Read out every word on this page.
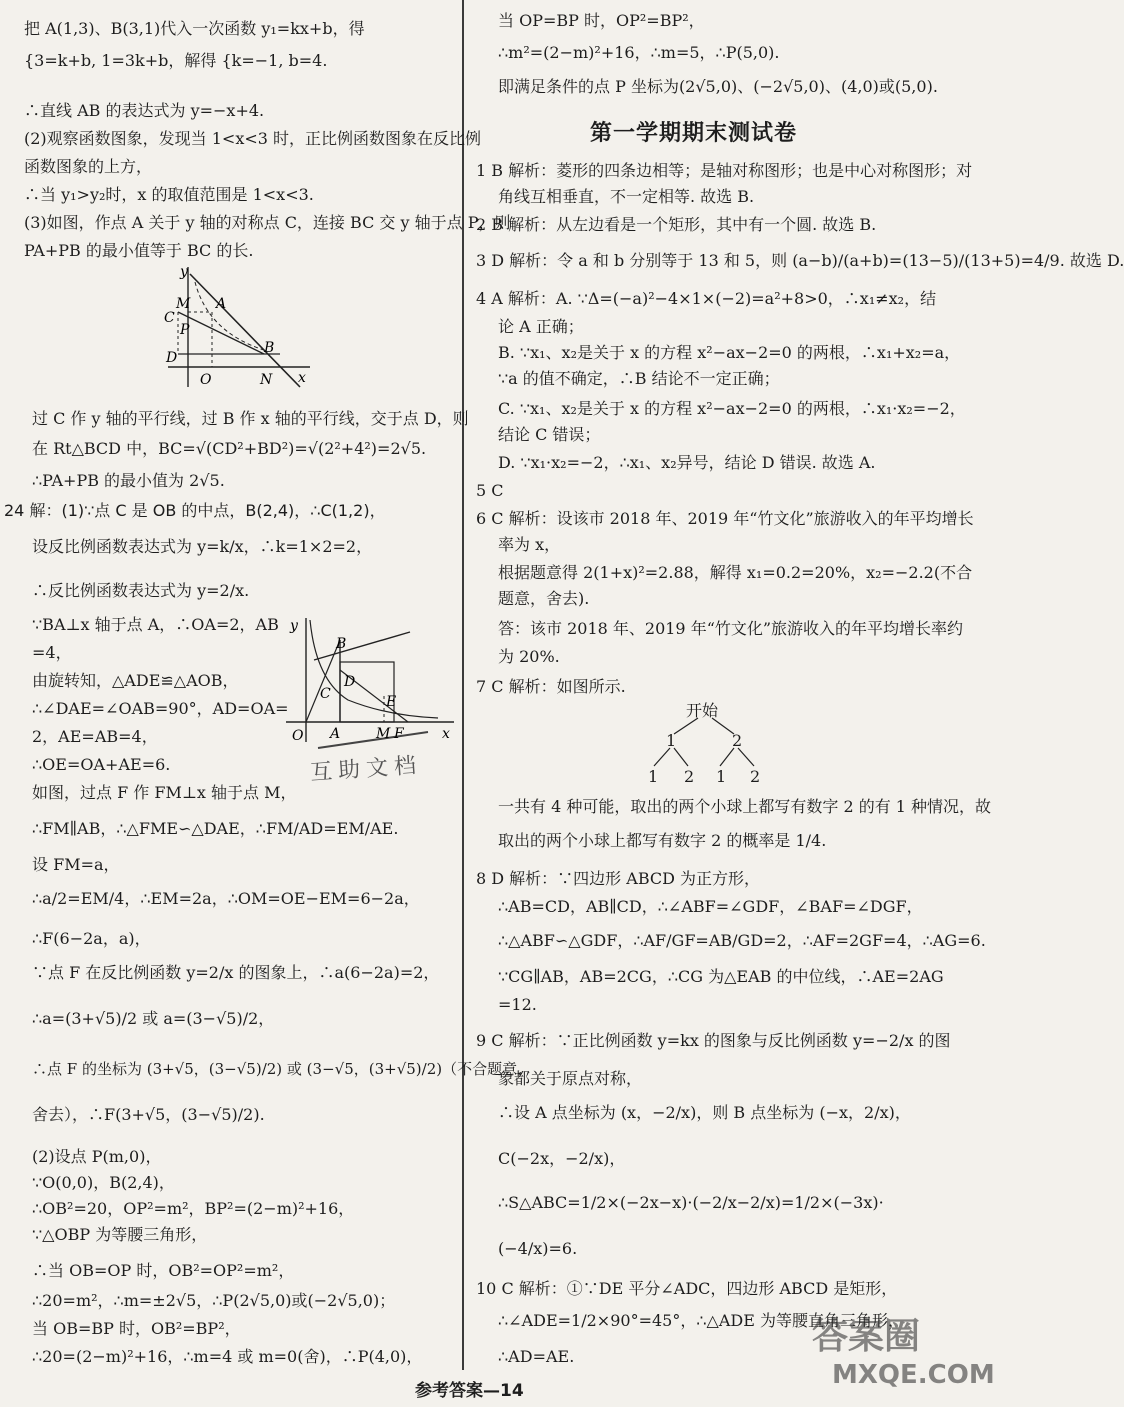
把 A(1,3)、B(3,1)代入一次函数 y₁=kx+b，得
{3=k+b, 1=3k+b，解得 {k=−1, b=4.
∴直线 AB 的表达式为 y=−x+4.
(2)观察函数图象，发现当 1<x<3 时，正比例函数图象在反比例
函数图象的上方，
∴当 y₁>y₂时，x 的取值范围是 1<x<3.
(3)如图，作点 A 关于 y 轴的对称点 C，连接 BC 交 y 轴于点 P，则
PA+PB 的最小值等于 BC 的长.
y
M A
C
P
D
B
O	N x
过 C 作 y 轴的平行线，过 B 作 x 轴的平行线，交于点 D，则
在 Rt△BCD 中，BC=√(CD²+BD²)=√(2²+4²)=2√5.
∴PA+PB 的最小值为 2√5.
24 解：(1)∵点 C 是 OB 的中点，B(2,4)，∴C(1,2)，
设反比例函数表达式为 y=k/x，∴k=1×2=2，
∴反比例函数表达式为 y=2/x.
∵BA⊥x 轴于点 A，∴OA=2，AB
=4，
由旋转知，△ADE≌△AOB，
∴∠DAE=∠OAB=90°，AD=OA=
2，AE=AB=4，
∴OE=OA+AE=6.
y
B
C
D
O A	M
E
F	x
互助文档
如图，过点 F 作 FM⊥x 轴于点 M，
∴FM∥AB，∴△FME∽△DAE，∴FM/AD=EM/AE.
设 FM=a，
∴a/2=EM/4，∴EM=2a，∴OM=OE−EM=6−2a，
∴F(6−2a，a)，
∵点 F 在反比例函数 y=2/x 的图象上，∴a(6−2a)=2，
∴a=(3+√5)/2 或 a=(3−√5)/2，
∴点 F 的坐标为 (3+√5，(3−√5)/2) 或 (3−√5，(3+√5)/2)（不合题意，
舍去），∴F(3+√5，(3−√5)/2).
(2)设点 P(m,0)，
∵O(0,0)，B(2,4)，
∴OB²=20，OP²=m²，BP²=(2−m)²+16，
∵△OBP 为等腰三角形，
∴当 OB=OP 时，OB²=OP²=m²，
∴20=m²，∴m=±2√5，∴P(2√5,0)或(−2√5,0)；
当 OB=BP 时，OB²=BP²，
∴20=(2−m)²+16，∴m=4 或 m=0(舍)，∴P(4,0)，
当 OP=BP 时，OP²=BP²，
∴m²=(2−m)²+16，∴m=5，∴P(5,0).
即满足条件的点 P 坐标为(2√5,0)、(−2√5,0)、(4,0)或(5,0).
第一学期期末测试卷
1 B 解析：菱形的四条边相等；是轴对称图形；也是中心对称图形；对
角线互相垂直，不一定相等. 故选 B.
2 B 解析：从左边看是一个矩形，其中有一个圆. 故选 B.
3 D 解析：令 a 和 b 分别等于 13 和 5，则 (a−b)/(a+b)=(13−5)/(13+5)=4/9. 故选 D.
4 A 解析：A. ∵Δ=(−a)²−4×1×(−2)=a²+8>0，∴x₁≠x₂，结
论 A 正确；
B. ∵x₁、x₂是关于 x 的方程 x²−ax−2=0 的两根，∴x₁+x₂=a，
∵a 的值不确定，∴B 结论不一定正确；
C. ∵x₁、x₂是关于 x 的方程 x²−ax−2=0 的两根，∴x₁·x₂=−2，
结论 C 错误；
D. ∵x₁·x₂=−2，∴x₁、x₂异号，结论 D 错误. 故选 A.
5 C
6 C 解析：设该市 2018 年、2019 年“竹文化”旅游收入的年平均增长
率为 x，
根据题意得 2(1+x)²=2.88，解得 x₁=0.2=20%，x₂=−2.2(不合
题意，舍去).
答：该市 2018 年、2019 年“竹文化”旅游收入的年平均增长率约
为 20%.
7 C 解析：如图所示.
开始
1	2
1 2 1 2
一共有 4 种可能，取出的两个小球上都写有数字 2 的有 1 种情况，故
取出的两个小球上都写有数字 2 的概率是 1/4.
8 D 解析：∵四边形 ABCD 为正方形，
∴AB=CD，AB∥CD，∴∠ABF=∠GDF，∠BAF=∠DGF，
∴△ABF∽△GDF，∴AF/GF=AB/GD=2，∴AF=2GF=4，∴AG=6.
∵CG∥AB，AB=2CG，∴CG 为△EAB 的中位线，∴AE=2AG
=12.
9 C 解析：∵正比例函数 y=kx 的图象与反比例函数 y=−2/x 的图
象都关于原点对称，
∴设 A 点坐标为 (x，−2/x)，则 B 点坐标为 (−x，2/x)，
C(−2x，−2/x)，
∴S△ABC=1/2×(−2x−x)·(−2/x−2/x)=1/2×(−3x)·
(−4/x)=6.
10 C 解析：①∵DE 平分∠ADC，四边形 ABCD 是矩形，
∴∠ADE=1/2×90°=45°，∴△ADE 为等腰直角三角形，
∴AD=AE.
参考答案—14
答案圈
MXQE.COM
